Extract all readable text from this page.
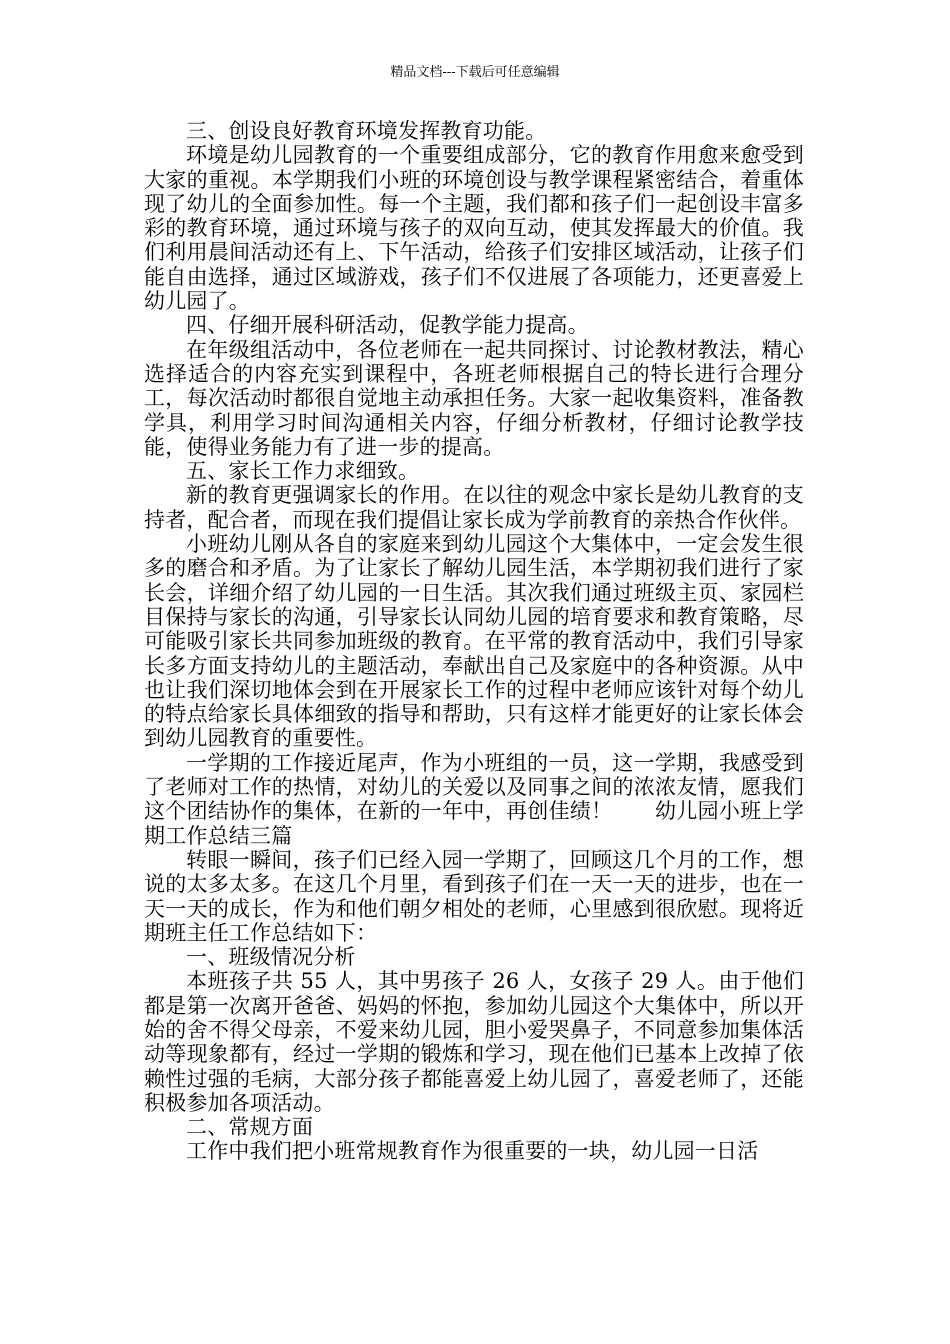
精品文档---下载后可任意编辑

三、创设良好教育环境发挥教育功能。

环境是幼儿园教育的一个重要组成部分，它的教育作用愈来愈受到大家的重视。本学期我们小班的环境创设与教学课程紧密结合，着重体现了幼儿的全面参加性。每一个主题，我们都和孩子们一起创设丰富多彩的教育环境，通过环境与孩子的双向互动，使其发挥最大的价值。我们利用晨间活动还有上、下午活动，给孩子们安排区域活动，让孩子们能自由选择，通过区域游戏，孩子们不仅进展了各项能力，还更喜爱上幼儿园了。

四、仔细开展科研活动，促教学能力提高。

在年级组活动中，各位老师在一起共同探讨、讨论教材教法，精心选择适合的内容充实到课程中，各班老师根据自己的特长进行合理分工，每次活动时都很自觉地主动承担任务。大家一起收集资料，准备教学具，利用学习时间沟通相关内容，仔细分析教材，仔细讨论教学技能，使得业务能力有了进一步的提高。

五、家长工作力求细致。

新的教育更强调家长的作用。在以往的观念中家长是幼儿教育的支持者，配合者，而现在我们提倡让家长成为学前教育的亲热合作伙伴。

小班幼儿刚从各自的家庭来到幼儿园这个大集体中，一定会发生很多的磨合和矛盾。为了让家长了解幼儿园生活，本学期初我们进行了家长会，详细介绍了幼儿园的一日生活。其次我们通过班级主页、家园栏目保持与家长的沟通，引导家长认同幼儿园的培育要求和教育策略，尽可能吸引家长共同参加班级的教育。在平常的教育活动中，我们引导家长多方面支持幼儿的主题活动，奉献出自己及家庭中的各种资源。从中也让我们深切地体会到在开展家长工作的过程中老师应该针对每个幼儿的特点给家长具体细致的指导和帮助，只有这样才能更好的让家长体会到幼儿园教育的重要性。

一学期的工作接近尾声，作为小班组的一员，这一学期，我感受到了老师对工作的热情，对幼儿的关爱以及同事之间的浓浓友情，愿我们这个团结协作的集体，在新的一年中，再创佳绩！　　幼儿园小班上学期工作总结三篇

转眼一瞬间，孩子们已经入园一学期了，回顾这几个月的工作，想说的太多太多。在这几个月里，看到孩子们在一天一天的进步，也在一天一天的成长，作为和他们朝夕相处的老师，心里感到很欣慰。现将近期班主任工作总结如下：

一、班级情况分析

本班孩子共 55 人，其中男孩子 26 人，女孩子 29 人。由于他们都是第一次离开爸爸、妈妈的怀抱，参加幼儿园这个大集体中，所以开始的舍不得父母亲，不爱来幼儿园，胆小爱哭鼻子，不同意参加集体活动等现象都有，经过一学期的锻炼和学习，现在他们已基本上改掉了依赖性过强的毛病，大部分孩子都能喜爱上幼儿园了，喜爱老师了，还能积极参加各项活动。

二、常规方面

工作中我们把小班常规教育作为很重要的一块，幼儿园一日活
